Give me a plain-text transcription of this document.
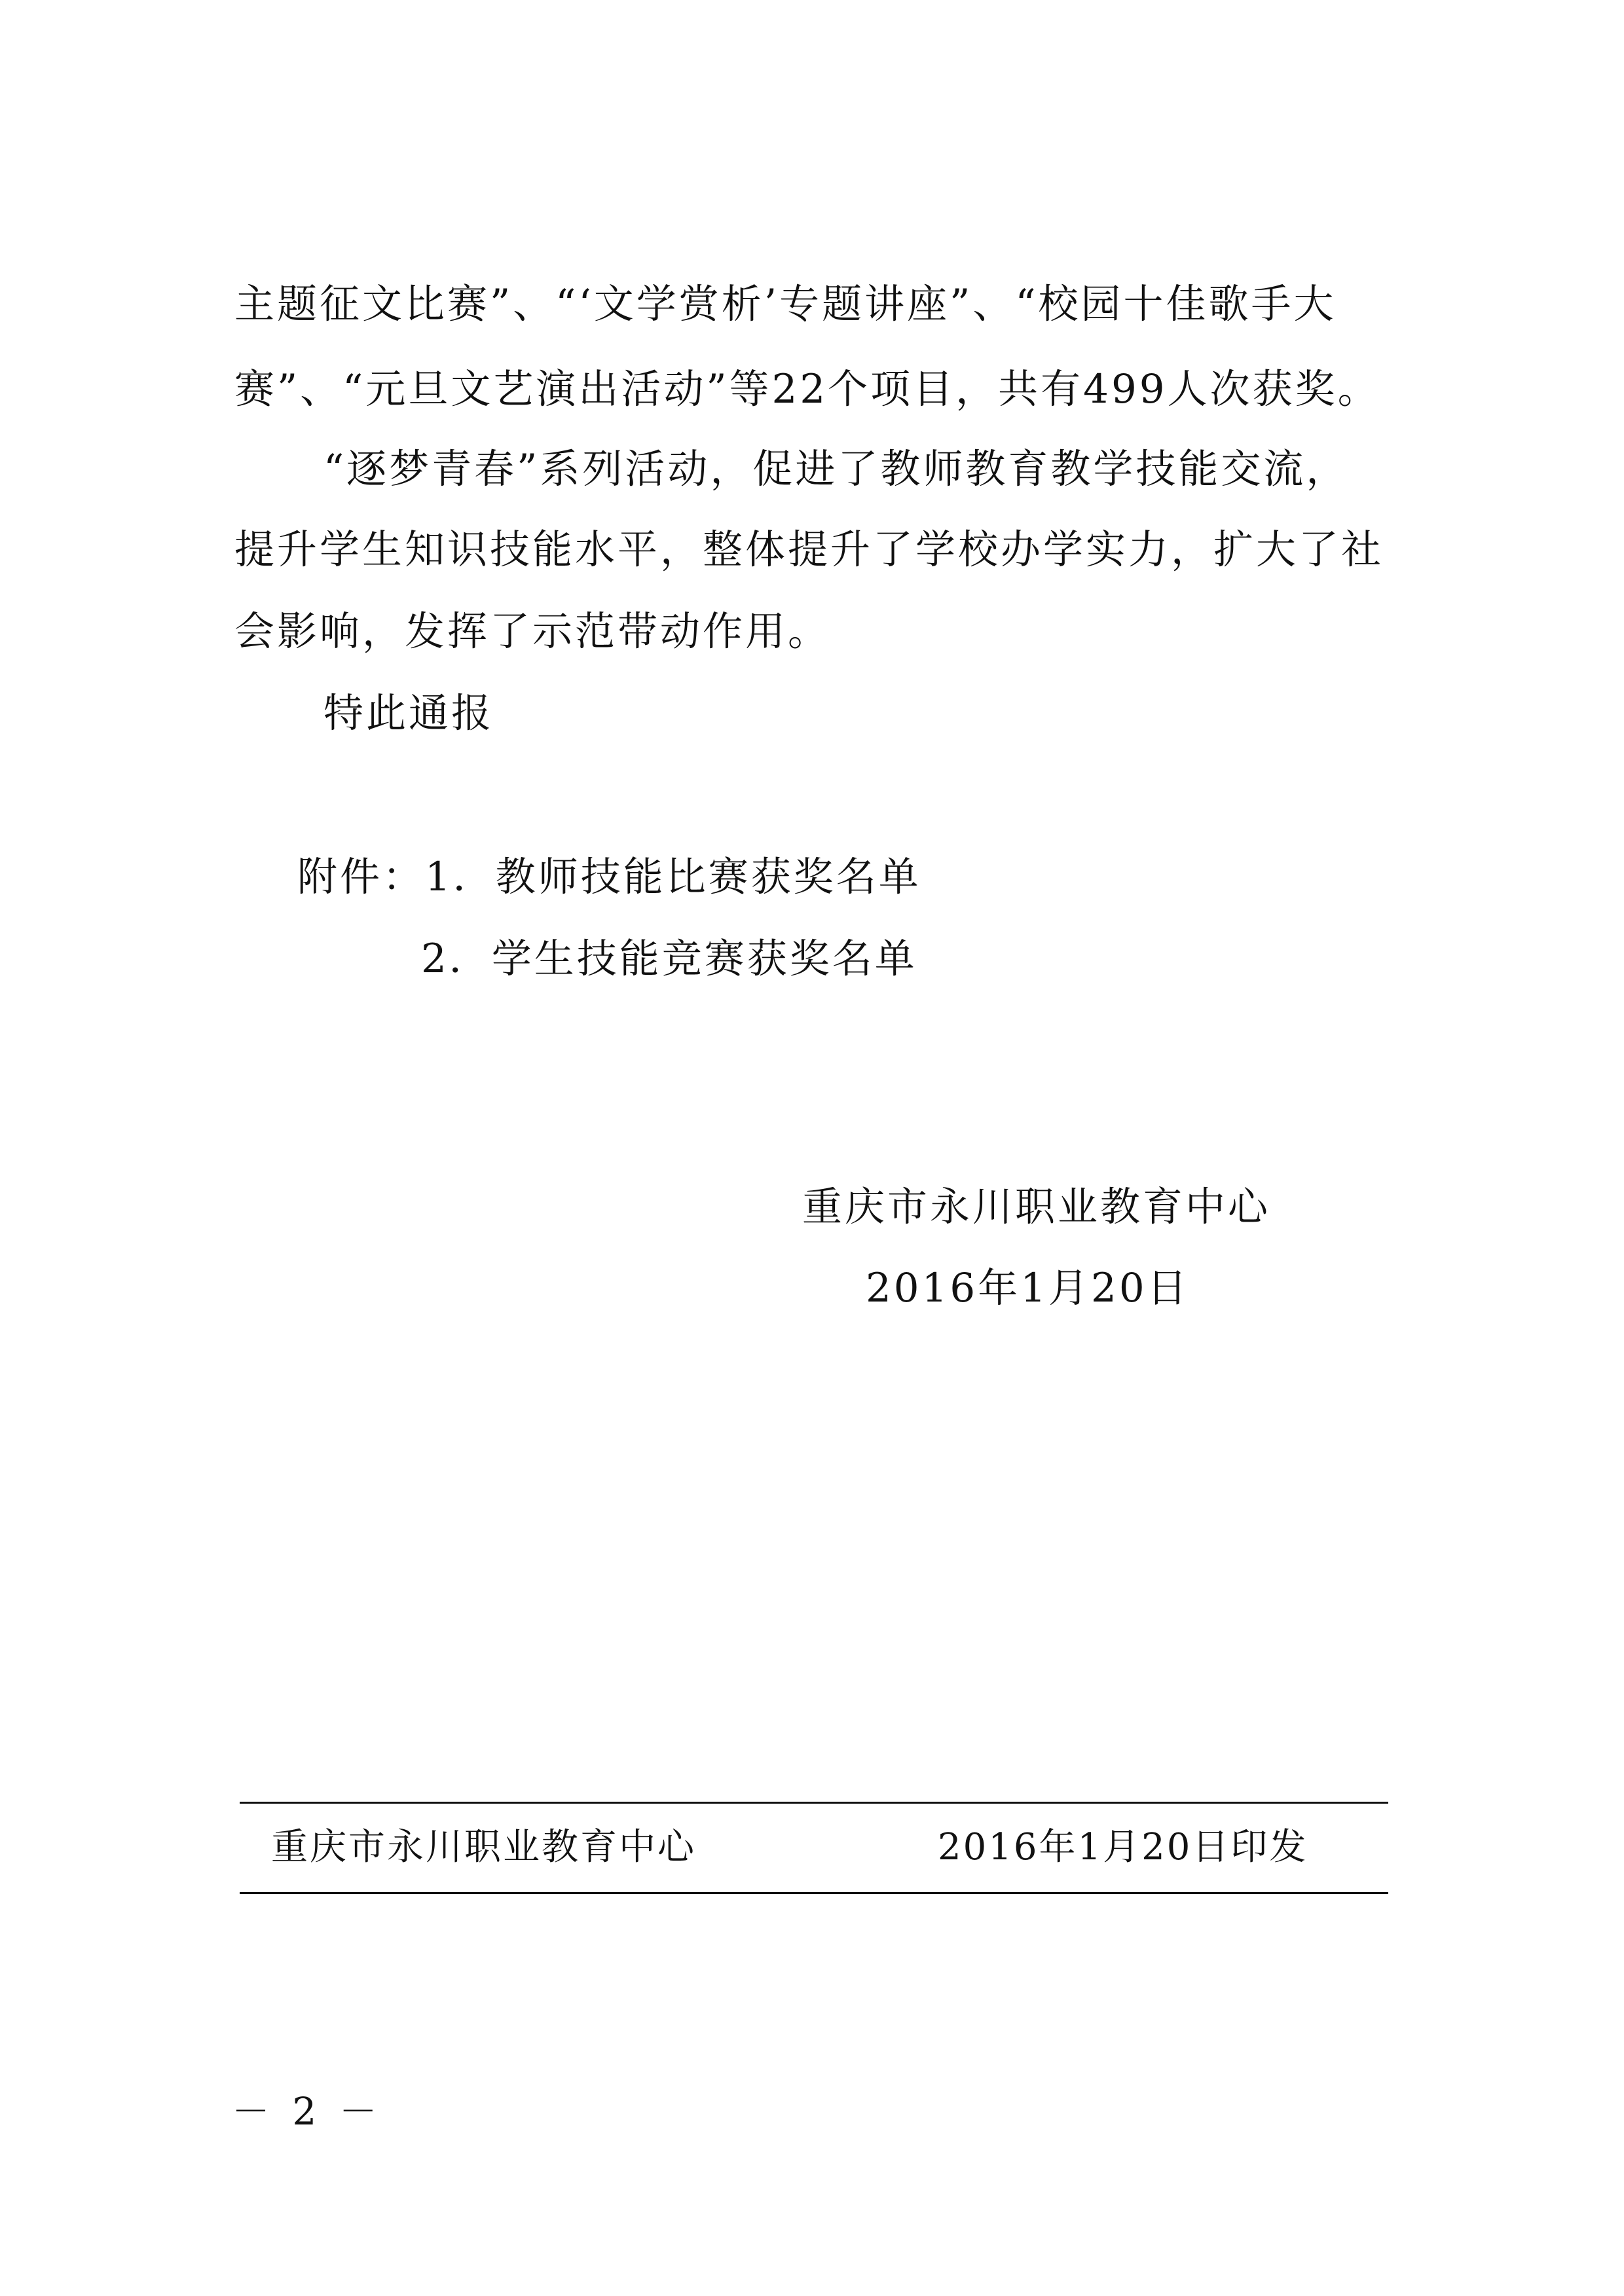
主题征文比赛”、“‘文学赏析’专题讲座”、“校园十佳歌手大
赛”、“元旦文艺演出活动”等22个项目，共有499人次获奖。
“逐梦青春”系列活动，促进了教师教育教学技能交流，
提升学生知识技能水平，整体提升了学校办学实力，扩大了社
会影响，发挥了示范带动作用。
特此通报
附件：1．教师技能比赛获奖名单
2．学生技能竞赛获奖名单
重庆市永川职业教育中心
2016年1月20日
重庆市永川职业教育中心	2016年1月20日印发
－ 2 －
